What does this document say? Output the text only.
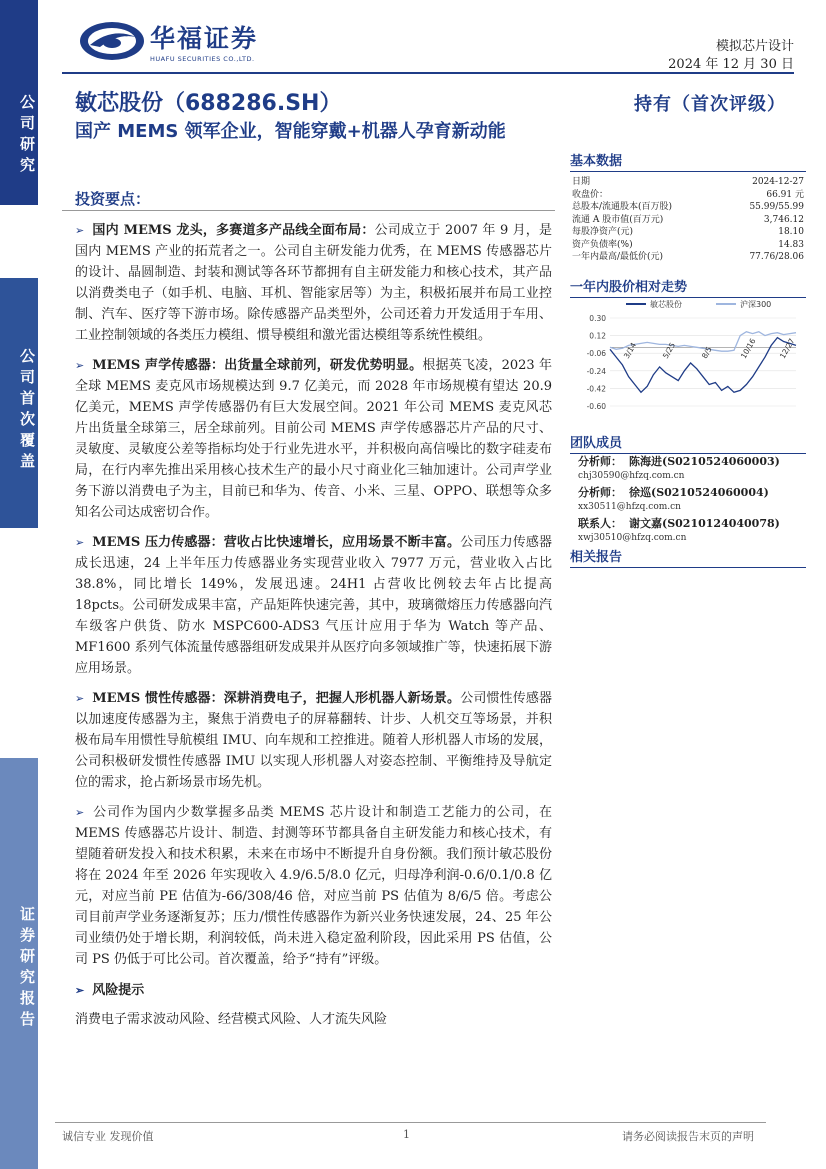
公司研究
公司首次覆盖
证券研究报告
华福证券
HUAFU SECURITIES CO.,LTD.
模拟芯片设计
2024 年 12 月 30 日
敏芯股份（688286.SH）	持有（首次评级）
国产 MEMS 领军企业，智能穿戴+机器人孕育新动能
投资要点：

➢ 国内 MEMS 龙头，多赛道多产品线全面布局：公司成立于 2007 年 9 月，是国内 MEMS 产业的拓荒者之一。公司自主研发能力优秀，在 MEMS 传感器芯片的设计、晶圆制造、封装和测试等各环节都拥有自主研发能力和核心技术，其产品以消费类电子（如手机、电脑、耳机、智能家居等）为主，积极拓展并布局工业控制、汽车、医疗等下游市场。除传感器产品类型外，公司还着力开发适用于车用、工业控制领域的各类压力模组、惯导模组和激光雷达模组等系统性模组。

➢ MEMS 声学传感器：出货量全球前列，研发优势明显。根据英飞凌，2023 年全球 MEMS 麦克风市场规模达到 9.7 亿美元，而 2028 年市场规模有望达 20.9 亿美元，MEMS 声学传感器仍有巨大发展空间。2021 年公司 MEMS 麦克风芯片出货量全球第三，居全球前列。目前公司 MEMS 声学传感器芯片产品的尺寸、灵敏度、灵敏度公差等指标均处于行业先进水平，并积极向高信噪比的数字硅麦布局，在行内率先推出采用核心技术生产的最小尺寸商业化三轴加速计。公司声学业务下游以消费电子为主，目前已和华为、传音、小米、三星、OPPO、联想等众多知名公司达成密切合作。

➢ MEMS 压力传感器：营收占比快速增长，应用场景不断丰富。公司压力传感器成长迅速，24 上半年压力传感器业务实现营业收入 7977 万元，营业收入占比 38.8%，同比增长 149%，发展迅速。24H1 占营收比例较去年占比提高 18pcts。公司研发成果丰富，产品矩阵快速完善，其中，玻璃微熔压力传感器向汽车级客户供货、防水 MSPC600-ADS3 气压计应用于华为 Watch 等产品、MF1600 系列气体流量传感器组研发成果并从医疗向多领域推广等，快速拓展下游应用场景。

➢ MEMS 惯性传感器：深耕消费电子，把握人形机器人新场景。公司惯性传感器以加速度传感器为主，聚焦于消费电子的屏幕翻转、计步、人机交互等场景，并积极布局车用惯性导航模组 IMU、向车规和工控推进。随着人形机器人市场的发展，公司积极研发惯性传感器 IMU 以实现人形机器人对姿态控制、平衡维持及导航定位的需求，抢占新场景市场先机。

➢ 公司作为国内少数掌握多品类 MEMS 芯片设计和制造工艺能力的公司，在 MEMS 传感器芯片设计、制造、封测等环节都具备自主研发能力和核心技术，有望随着研发投入和技术积累，未来在市场中不断提升自身份额。我们预计敏芯股份将在 2024 年至 2026 年实现收入 4.9/6.5/8.0 亿元，归母净利润-0.6/0.1/0.8 亿元，对应当前 PE 估值为-66/308/46 倍，对应当前 PS 估值为 8/6/5 倍。考虑公司目前声学业务逐渐复苏；压力/惯性传感器作为新兴业务快速发展，24、25 年公司业绩仍处于增长期，利润较低，尚未进入稳定盈利阶段，因此采用 PS 估值，公司 PS 仍低于可比公司。首次覆盖，给予“持有”评级。

➢ 风险提示
消费电子需求波动风险、经营模式风险、人才流失风险
基本数据
日期	2024-12-27
收盘价：	66.91 元
总股本/流通股本(百万股)	55.99/55.99
流通 A 股市值(百万元)	3,746.12
每股净资产(元)	18.10
资产负债率(%)	14.83
一年内最高/最低价(元)	77.76/28.06
一年内股价相对走势
敏芯股份	沪深300
0.30
0.12
-0.06
-0.24
-0.42
-0.60
3/14	5/25	8/5	10/16	12/27
团队成员
分析师： 陈海进(S0210524060003)
chj30590@hfzq.com.cn
分析师： 徐巡(S0210524060004)
xx30511@hfzq.com.cn
联系人： 谢文嘉(S0210124040078)
xwj30510@hfzq.com.cn
相关报告
诚信专业 发现价值	1	请务必阅读报告末页的声明
